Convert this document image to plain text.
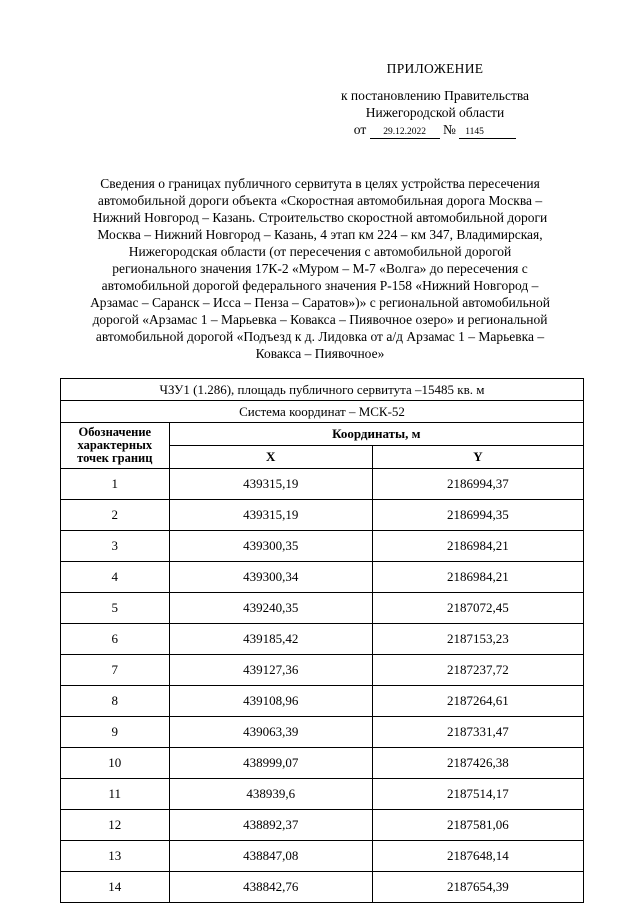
ПРИЛОЖЕНИЕ
к постановлению Правительства
Нижегородской области
от 29.12.2022 № 1145
Сведения о границах публичного сервитута в целях устройства пересечения
автомобильной дороги объекта «Скоростная автомобильная дорога Москва –
Нижний Новгород – Казань. Строительство скоростной автомобильной дороги
Москва – Нижний Новгород – Казань, 4 этап км 224 – км 347, Владимирская,
Нижегородская области (от пересечения с автомобильной дорогой
регионального значения 17К-2 «Муром – М-7 «Волга» до пересечения с
автомобильной дорогой федерального значения Р-158 «Нижний Новгород –
Арзамас – Саранск – Исса – Пенза – Саратов»)» с региональной автомобильной
дорогой «Арзамас 1 – Марьевка – Ковакса – Пиявочное озеро» и региональной
автомобильной дорогой «Подъезд к д. Лидовка от а/д Арзамас 1 – Марьевка –
Ковакса – Пиявочное»
ЧЗУ1 (1.286), площадь публичного сервитута –15485 кв. м		
Система координат – МСК-52		
Обозначение характерных точек границ	Координаты, м	
	X	Y
1	439315,19	2186994,37
2	439315,19	2186994,35
3	439300,35	2186984,21
4	439300,34	2186984,21
5	439240,35	2187072,45
6	439185,42	2187153,23
7	439127,36	2187237,72
8	439108,96	2187264,61
9	439063,39	2187331,47
10	438999,07	2187426,38
11	438939,6	2187514,17
12	438892,37	2187581,06
13	438847,08	2187648,14
14	438842,76	2187654,39
